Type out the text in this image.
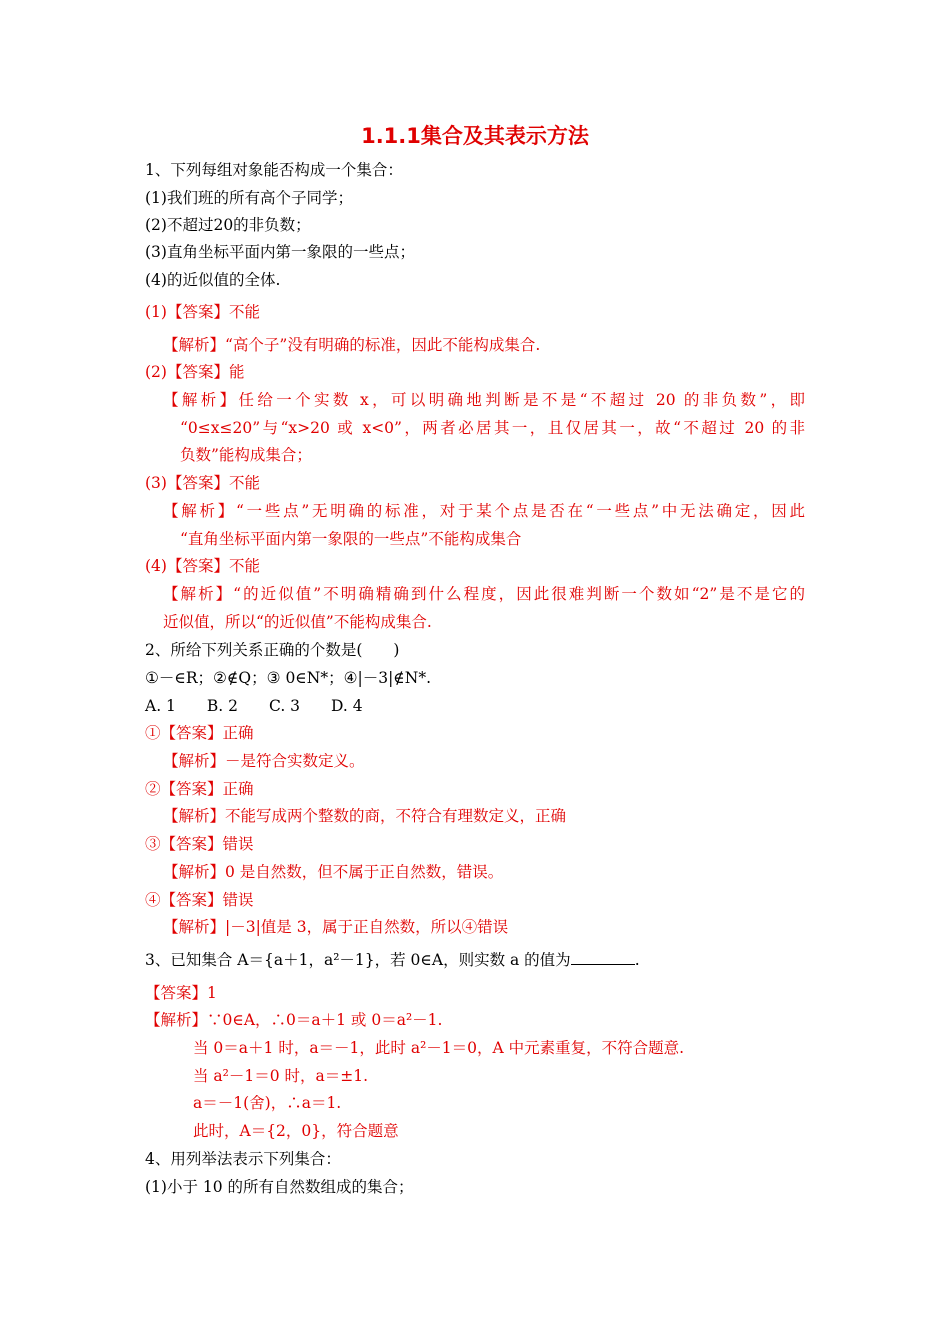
1.1.1集合及其表示方法
1、下列每组对象能否构成一个集合：
(1)我们班的所有高个子同学；
(2)不超过20的非负数；
(3)直角坐标平面内第一象限的一些点；
(4)的近似值的全体.
(1)【答案】不能
【解析】“高个子”没有明确的标准，因此不能构成集合.
(2)【答案】能
【解析】任给一个实数 x，可以明确地判断是不是“不超过 20 的非负数”，即
“0≤x≤20”与“x>20 或 x<0”，两者必居其一，且仅居其一，故“不超过 20 的非
负数”能构成集合；
(3)【答案】不能
【解析】“一些点”无明确的标准，对于某个点是否在“一些点”中无法确定，因此
“直角坐标平面内第一象限的一些点”不能构成集合
(4)【答案】不能
【解析】“的近似值”不明确精确到什么程度，因此很难判断一个数如“2”是不是它的
近似值，所以“的近似值”不能构成集合.
2、所给下列关系正确的个数是(　　)
①－∈R；②∉Q；③ 0∈N*；④|－3|∉N*.
A. 1　　B. 2　　C. 3　　D. 4
①【答案】正确
【解析】－是符合实数定义。
②【答案】正确
【解析】不能写成两个整数的商，不符合有理数定义，正确
③【答案】错误
【解析】0 是自然数，但不属于正自然数，错误。
④【答案】错误
【解析】|－3|值是 3，属于正自然数，所以④错误
3、已知集合 A＝{a＋1，a²－1}，若 0∈A，则实数 a 的值为	.
【答案】1
【解析】∵0∈A，∴0＝a＋1 或 0＝a²－1.
当 0＝a＋1 时，a＝－1，此时 a²－1＝0，A 中元素重复，不符合题意.
当 a²－1＝0 时，a＝±1.
a＝－1(舍)，∴a＝1.
此时，A＝{2，0}，符合题意
4、用列举法表示下列集合：
(1)小于 10 的所有自然数组成的集合；
